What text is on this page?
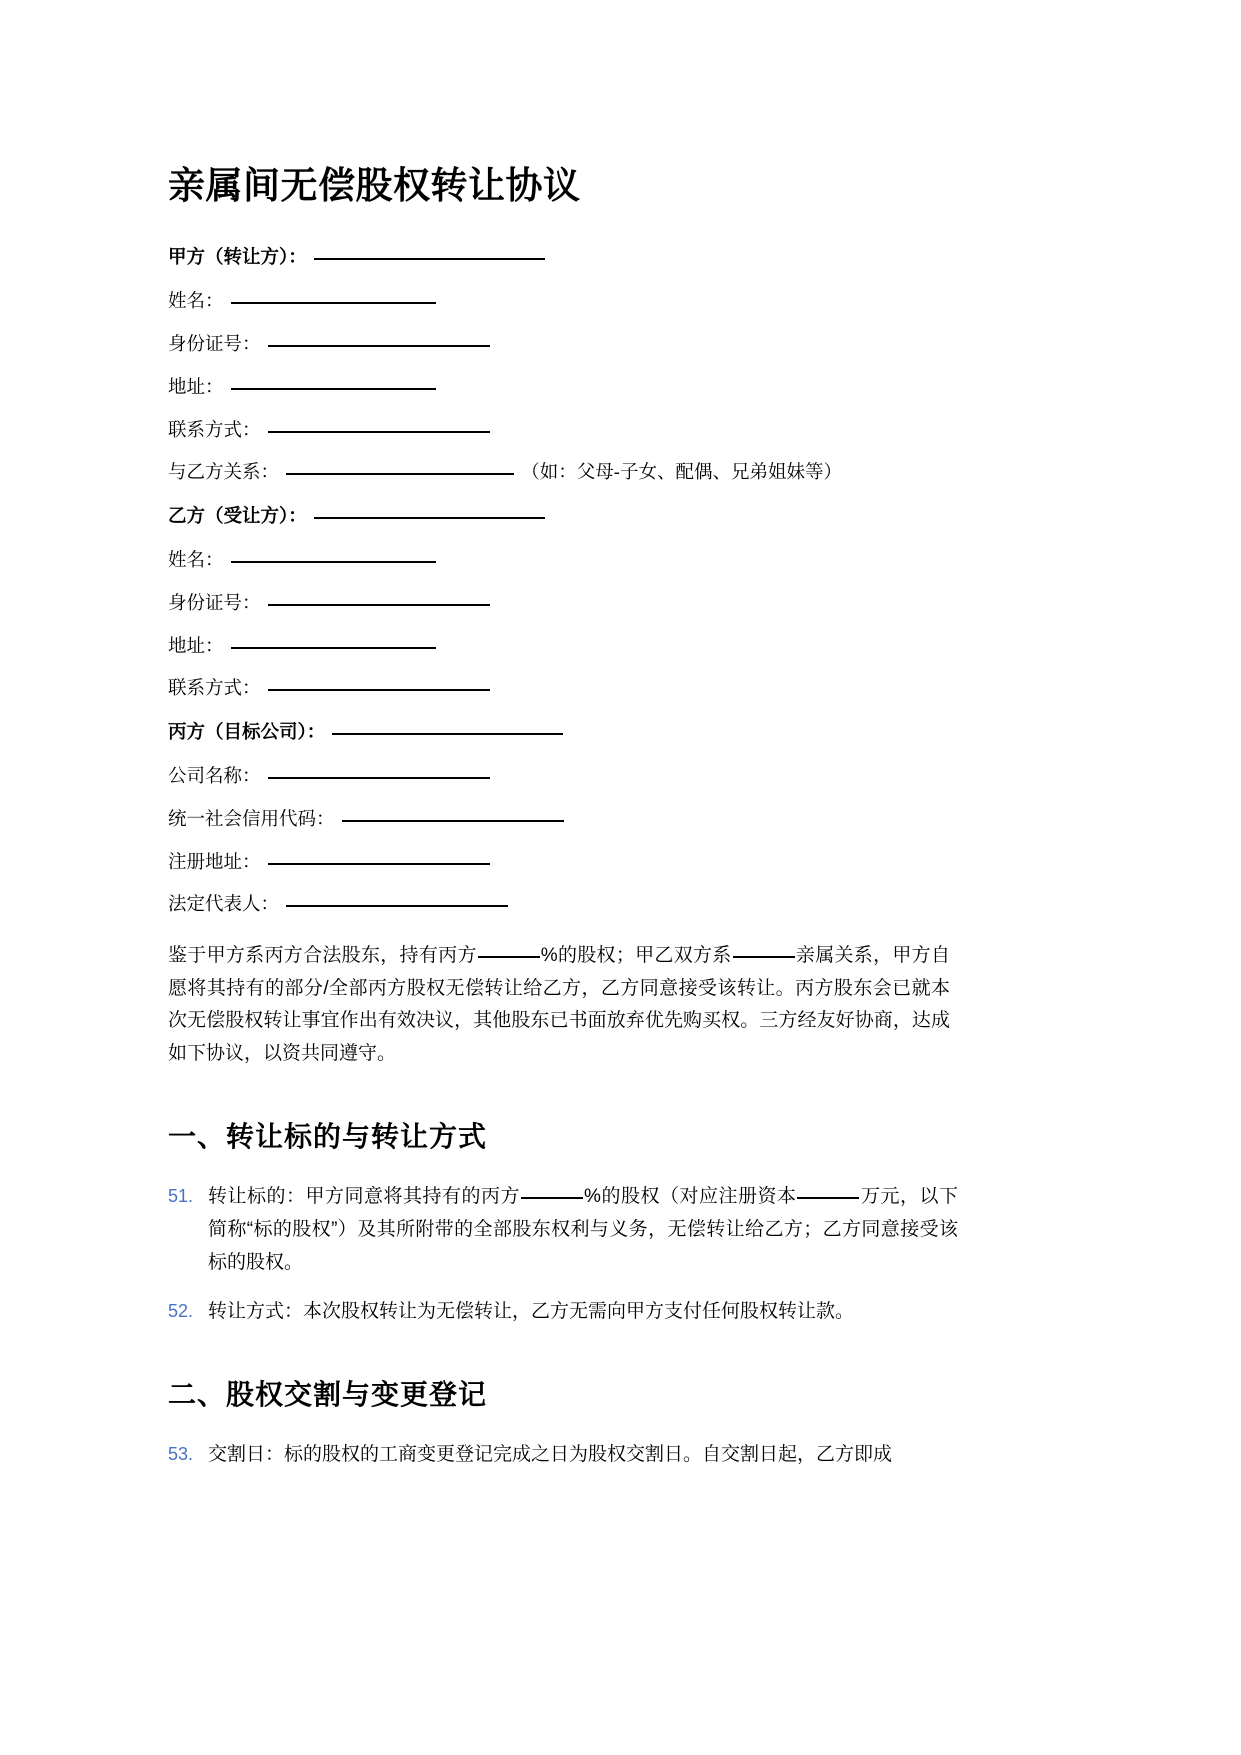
亲属间无偿股权转让协议
甲方（转让方）：
姓名：
身份证号：
地址：
联系方式：
与乙方关系：	（如：父母-子女、配偶、兄弟姐妹等）
乙方（受让方）：
姓名：
身份证号：
地址：
联系方式：
丙方（目标公司）：
公司名称：
统一社会信用代码：
注册地址：
法定代表人：

鉴于甲方系丙方合法股东，持有丙方	%的股权；甲乙双方系	亲属关系，甲方自愿将其持有的部分/全部丙方股权无偿转让给乙方，乙方同意接受该转让。丙方股东会已就本次无偿股权转让事宜作出有效决议，其他股东已书面放弃优先购买权。三方经友好协商，达成如下协议，以资共同遵守。

一、转让标的与转让方式
51. 转让标的：甲方同意将其持有的丙方	%的股权（对应注册资本	万元，以下简称“标的股权”）及其所附带的全部股东权利与义务，无偿转让给乙方；乙方同意接受该标的股权。
52. 转让方式：本次股权转让为无偿转让，乙方无需向甲方支付任何股权转让款。
二、股权交割与变更登记
53. 交割日：标的股权的工商变更登记完成之日为股权交割日。自交割日起，乙方即成
